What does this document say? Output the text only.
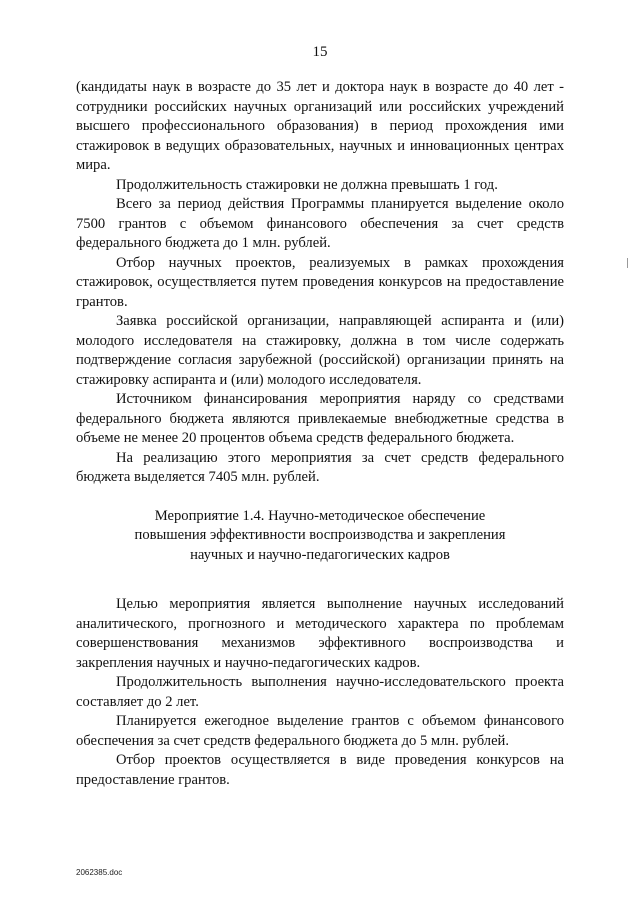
15

(кандидаты наук в возрасте до 35 лет и доктора наук в возрасте до 40 лет - сотрудники российских научных организаций или российских учреждений высшего профессионального образования) в период прохождения ими стажировок в ведущих образовательных, научных и инновационных центрах мира.

Продолжительность стажировки не должна превышать 1 год.

Всего за период действия Программы планируется выделение около 7500 грантов с объемом финансового обеспечения за счет средств федерального бюджета до 1 млн. рублей.

Отбор научных проектов, реализуемых в рамках прохождения стажировок, осуществляется путем проведения конкурсов на предоставление грантов.

Заявка российской организации, направляющей аспиранта и (или) молодого исследователя на стажировку, должна в том числе содержать подтверждение согласия зарубежной (российской) организации принять на стажировку аспиранта и (или) молодого исследователя.

Источником финансирования мероприятия наряду со средствами федерального бюджета являются привлекаемые внебюджетные средства в объеме не менее 20 процентов объема средств федерального бюджета.

На реализацию этого мероприятия за счет средств федерального бюджета выделяется 7405 млн. рублей.

Мероприятие 1.4. Научно-методическое обеспечение
повышения эффективности воспроизводства и закрепления
научных и научно-педагогических кадров

Целью мероприятия является выполнение научных исследований аналитического, прогнозного и методического характера по проблемам совершенствования механизмов эффективного воспроизводства и закрепления научных и научно-педагогических кадров.

Продолжительность выполнения научно-исследовательского проекта составляет до 2 лет.

Планируется ежегодное выделение грантов с объемом финансового обеспечения за счет средств федерального бюджета до 5 млн. рублей.

Отбор проектов осуществляется в виде проведения конкурсов на предоставление грантов.

2062385.doc
